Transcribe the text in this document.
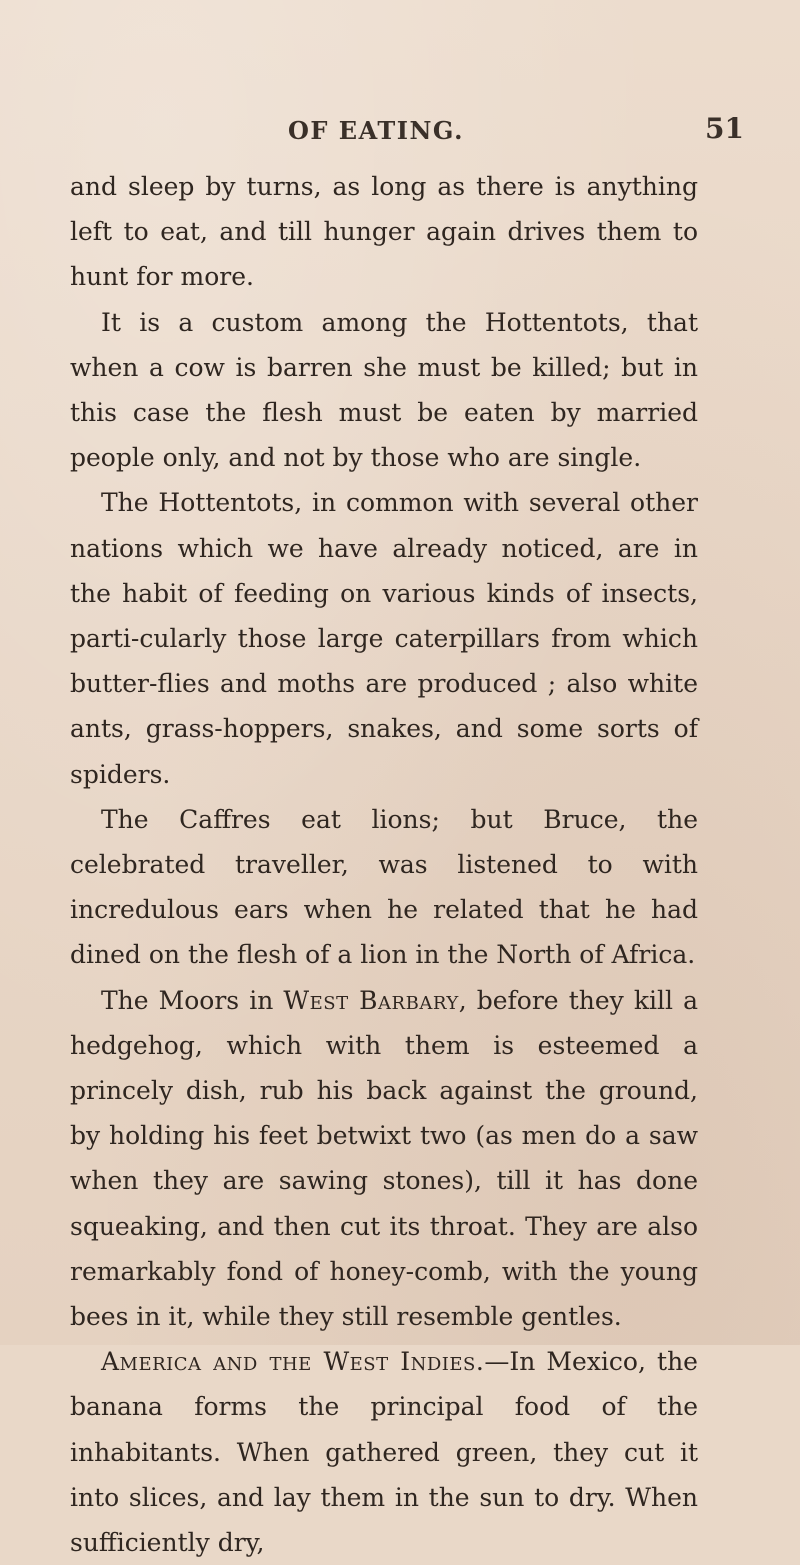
OF EATING.	51

and sleep by turns, as long as there is anything left to eat, and till hunger again drives them to hunt for more.

It is a custom among the Hottentots, that when a cow is barren she must be killed; but in this case the flesh must be eaten by married people only, and not by those who are single.

The Hottentots, in common with several other nations which we have already noticed, are in the habit of feeding on various kinds of insects, parti-cularly those large caterpillars from which butter-flies and moths are produced ; also white ants, grass-hoppers, snakes, and some sorts of spiders.

The Caffres eat lions; but Bruce, the celebrated traveller, was listened to with incredulous ears when he related that he had dined on the flesh of a lion in the North of Africa.

The Moors in West Barbary, before they kill a hedgehog, which with them is esteemed a princely dish, rub his back against the ground, by holding his feet betwixt two (as men do a saw when they are sawing stones), till it has done squeaking, and then cut its throat. They are also remarkably fond of honey-comb, with the young bees in it, while they still resemble gentles.

America and the West Indies.—In Mexico, the banana forms the principal food of the inhabitants. When gathered green, they cut it into slices, and lay them in the sun to dry. When sufficiently dry,
